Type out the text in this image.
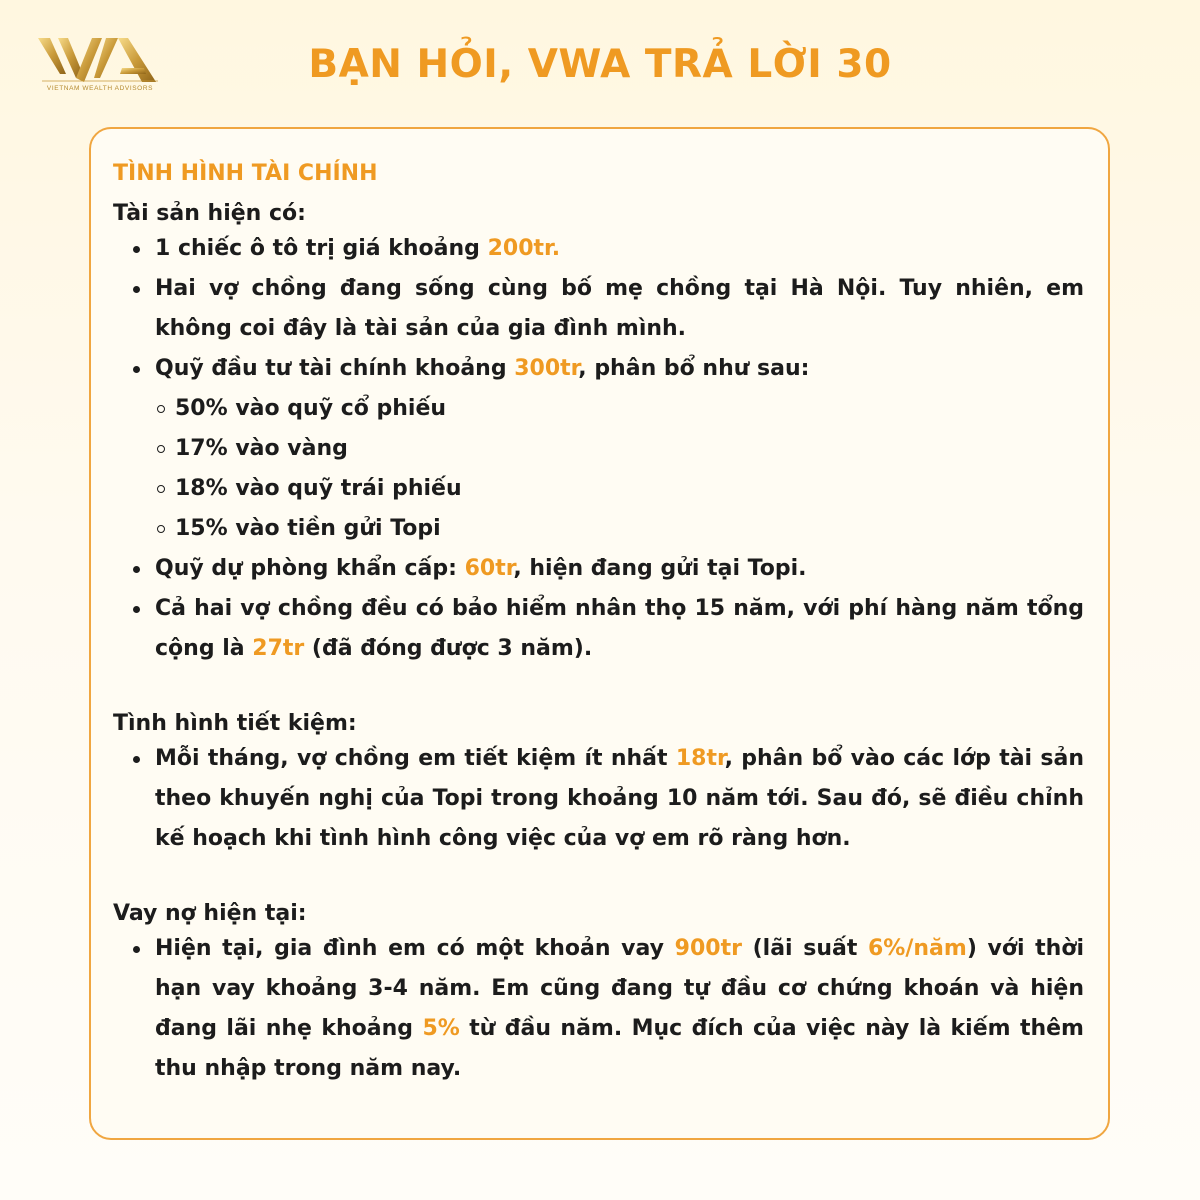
VIETNAM WEALTH ADVISORS
BẠN HỎI, VWA TRẢ LỜI 30
TÌNH HÌNH TÀI CHÍNH
Tài sản hiện có:
1 chiếc ô tô trị giá khoảng 200tr.
Hai vợ chồng đang sống cùng bố mẹ chồng tại Hà Nội. Tuy nhiên, em không coi đây là tài sản của gia đình mình.
Quỹ đầu tư tài chính khoảng 300tr, phân bổ như sau:
50% vào quỹ cổ phiếu
17% vào vàng
18% vào quỹ trái phiếu
15% vào tiền gửi Topi
Quỹ dự phòng khẩn cấp: 60tr, hiện đang gửi tại Topi.
Cả hai vợ chồng đều có bảo hiểm nhân thọ 15 năm, với phí hàng năm tổng cộng là 27tr (đã đóng được 3 năm).
Tình hình tiết kiệm:
Mỗi tháng, vợ chồng em tiết kiệm ít nhất 18tr, phân bổ vào các lớp tài sản theo khuyến nghị của Topi trong khoảng 10 năm tới. Sau đó, sẽ điều chỉnh kế hoạch khi tình hình công việc của vợ em rõ ràng hơn.
Vay nợ hiện tại:
Hiện tại, gia đình em có một khoản vay 900tr (lãi suất 6%/năm) với thời hạn vay khoảng 3-4 năm. Em cũng đang tự đầu cơ chứng khoán và hiện đang lãi nhẹ khoảng 5% từ đầu năm. Mục đích của việc này là kiếm thêm thu nhập trong năm nay.
